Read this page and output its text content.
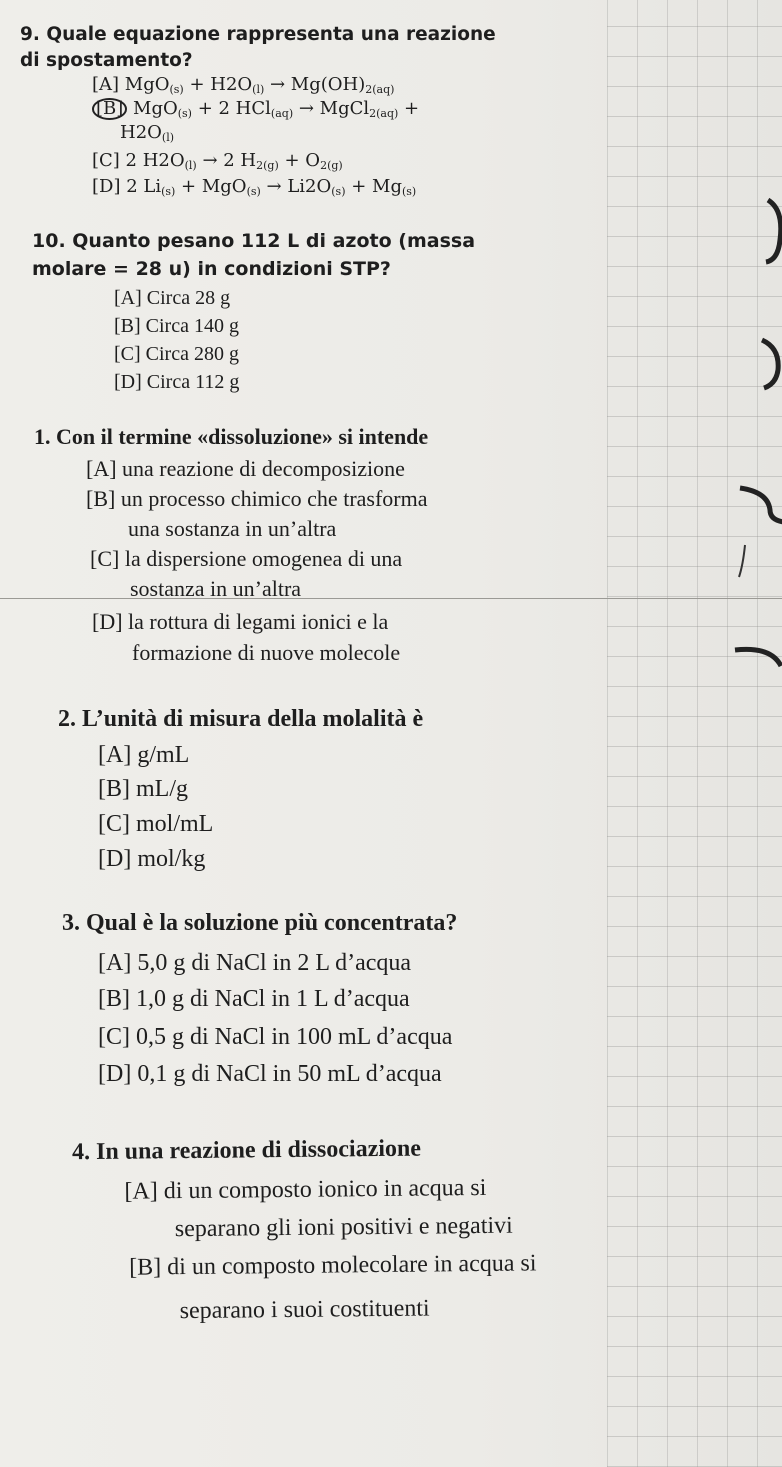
9. Quale equazione rappresenta una reazione
di spostamento?
[A] $MgO_{(s)} + H2O_{(l)} \to Mg(OH)_{2(aq)}$
[B] MgO$_{(s)}$ + 2 HCl$_{(aq)}$ → MgCl$_{2(aq)}$ +
$H2O_{(l)}$
[C] 2 $H2O_{(l)} \to 2$ $H_{2(g)} + O_{2(g)}$
[D] 2 $Li_{(s)} + MgO_{(s)} \to Li2O_{(s)} + Mg_{(s)}$
10. Quanto pesano 112 L di azoto (massa
molare = 28 u) in condizioni STP?
[A] Circa 28 g
[B] Circa 140 g
[C] Circa 280 g
[D] Circa 112 g
1. Con il termine «dissoluzione» si intende
[A] una reazione di decomposizione
[B] un processo chimico che trasforma
una sostanza in un’altra
[C] la dispersione omogenea di una
sostanza in un’altra
[D] la rottura di legami ionici e la
formazione di nuove molecole
2. L’unità di misura della molalità è
[A] g/mL
[B] mL/g
[C] mol/mL
[D] mol/kg
3. Qual è la soluzione più concentrata?
[A] 5,0 g di NaCl in 2 L d’acqua
[B] 1,0 g di NaCl in 1 L d’acqua
[C] 0,5 g di NaCl in 100 mL d’acqua
[D] 0,1 g di NaCl in 50 mL d’acqua
4. In una reazione di dissociazione
[A] di un composto ionico in acqua si
separano gli ioni positivi e negativi
[B] di un composto molecolare in acqua si
separano i suoi costituenti
